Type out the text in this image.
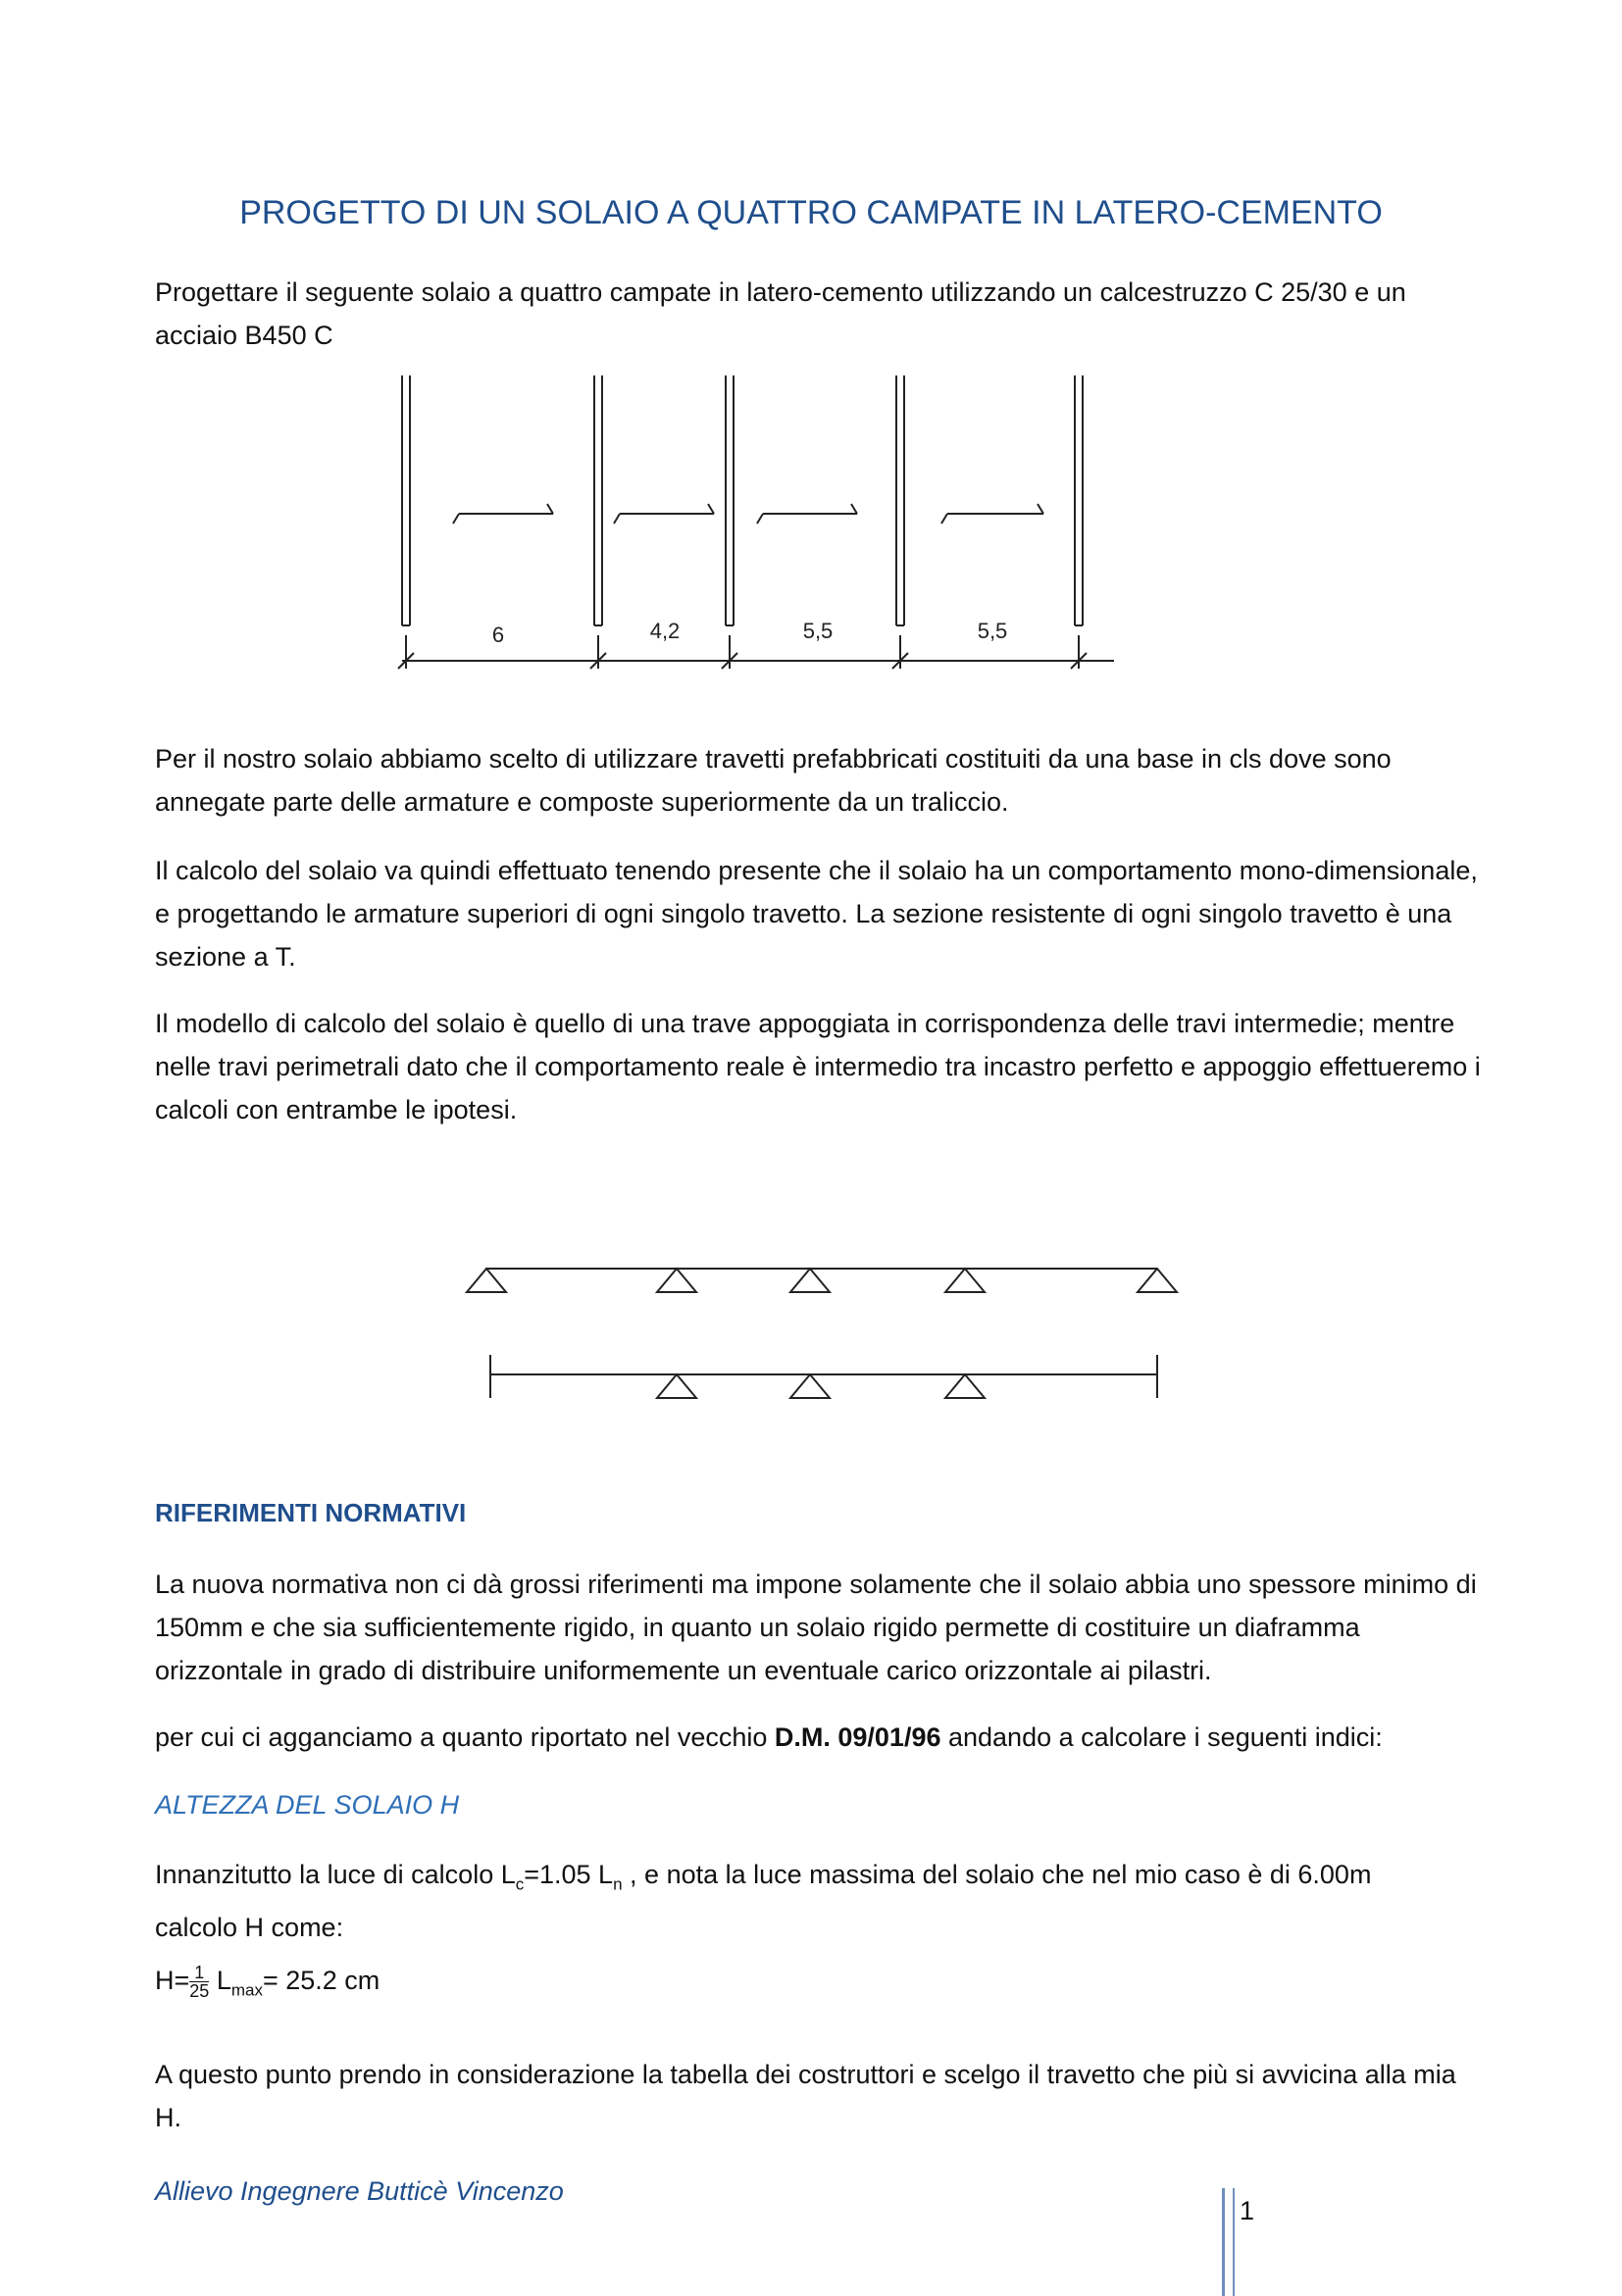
PROGETTO DI UN SOLAIO A QUATTRO CAMPATE IN LATERO-CEMENTO

Progettare il seguente solaio a quattro campate in latero-cemento utilizzando un calcestruzzo C 25/30 e un
acciaio B450 C

6	4,2	5,5	5,5

Per il nostro solaio abbiamo scelto di utilizzare travetti prefabbricati costituiti da una base in cls dove sono annegate parte delle armature e composte superiormente da un traliccio.

Il calcolo del solaio va quindi effettuato tenendo presente che il solaio ha un comportamento mono-dimensionale, e progettando le armature superiori di ogni singolo travetto. La sezione resistente di ogni singolo travetto è una sezione a T.

Il modello di calcolo del solaio è quello di una trave appoggiata in corrispondenza delle travi intermedie; mentre nelle travi perimetrali dato che il comportamento reale è intermedio tra incastro perfetto e appoggio effettueremo i calcoli con entrambe le ipotesi.

RIFERIMENTI NORMATIVI

La nuova normativa non ci dà grossi riferimenti ma impone solamente che il solaio abbia uno spessore minimo di 150mm e che sia sufficientemente rigido, in quanto un solaio rigido permette di costituire un diaframma orizzontale in grado di distribuire uniformemente un eventuale carico orizzontale ai pilastri.

per cui ci agganciamo a quanto riportato nel vecchio D.M. 09/01/96 andando a calcolare i seguenti indici:

ALTEZZA DEL SOLAIO H

Innanzitutto la luce di calcolo $L_c=1.05$ $L_n$ , e nota la luce massima del solaio che nel mio caso è di 6.00m
calcolo H come:

$H= \frac{1}{25} L_{max}= 25.2$ cm

A questo punto prendo in considerazione la tabella dei costruttori e scelgo il travetto che più si avvicina alla mia H.

Allievo Ingegnere Butticè Vincenzo
1
